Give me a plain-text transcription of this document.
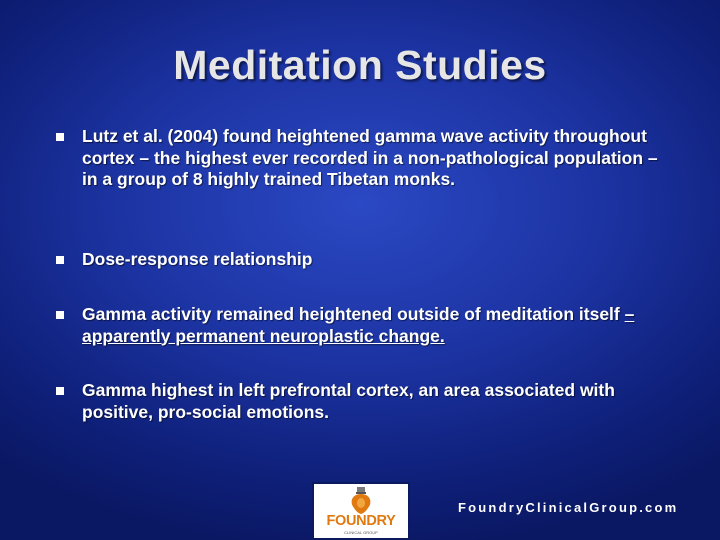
Meditation Studies
Lutz et al. (2004) found heightened gamma wave activity throughout cortex – the highest ever recorded in a non-pathological population – in a group of 8 highly trained Tibetan monks.
Dose-response relationship
Gamma activity remained heightened outside of meditation itself – apparently permanent neuroplastic change.
Gamma highest in left prefrontal cortex, an area associated with positive, pro-social emotions.
FOUNDRY
CLINICAL GROUP
FoundryClinicalGroup.com
